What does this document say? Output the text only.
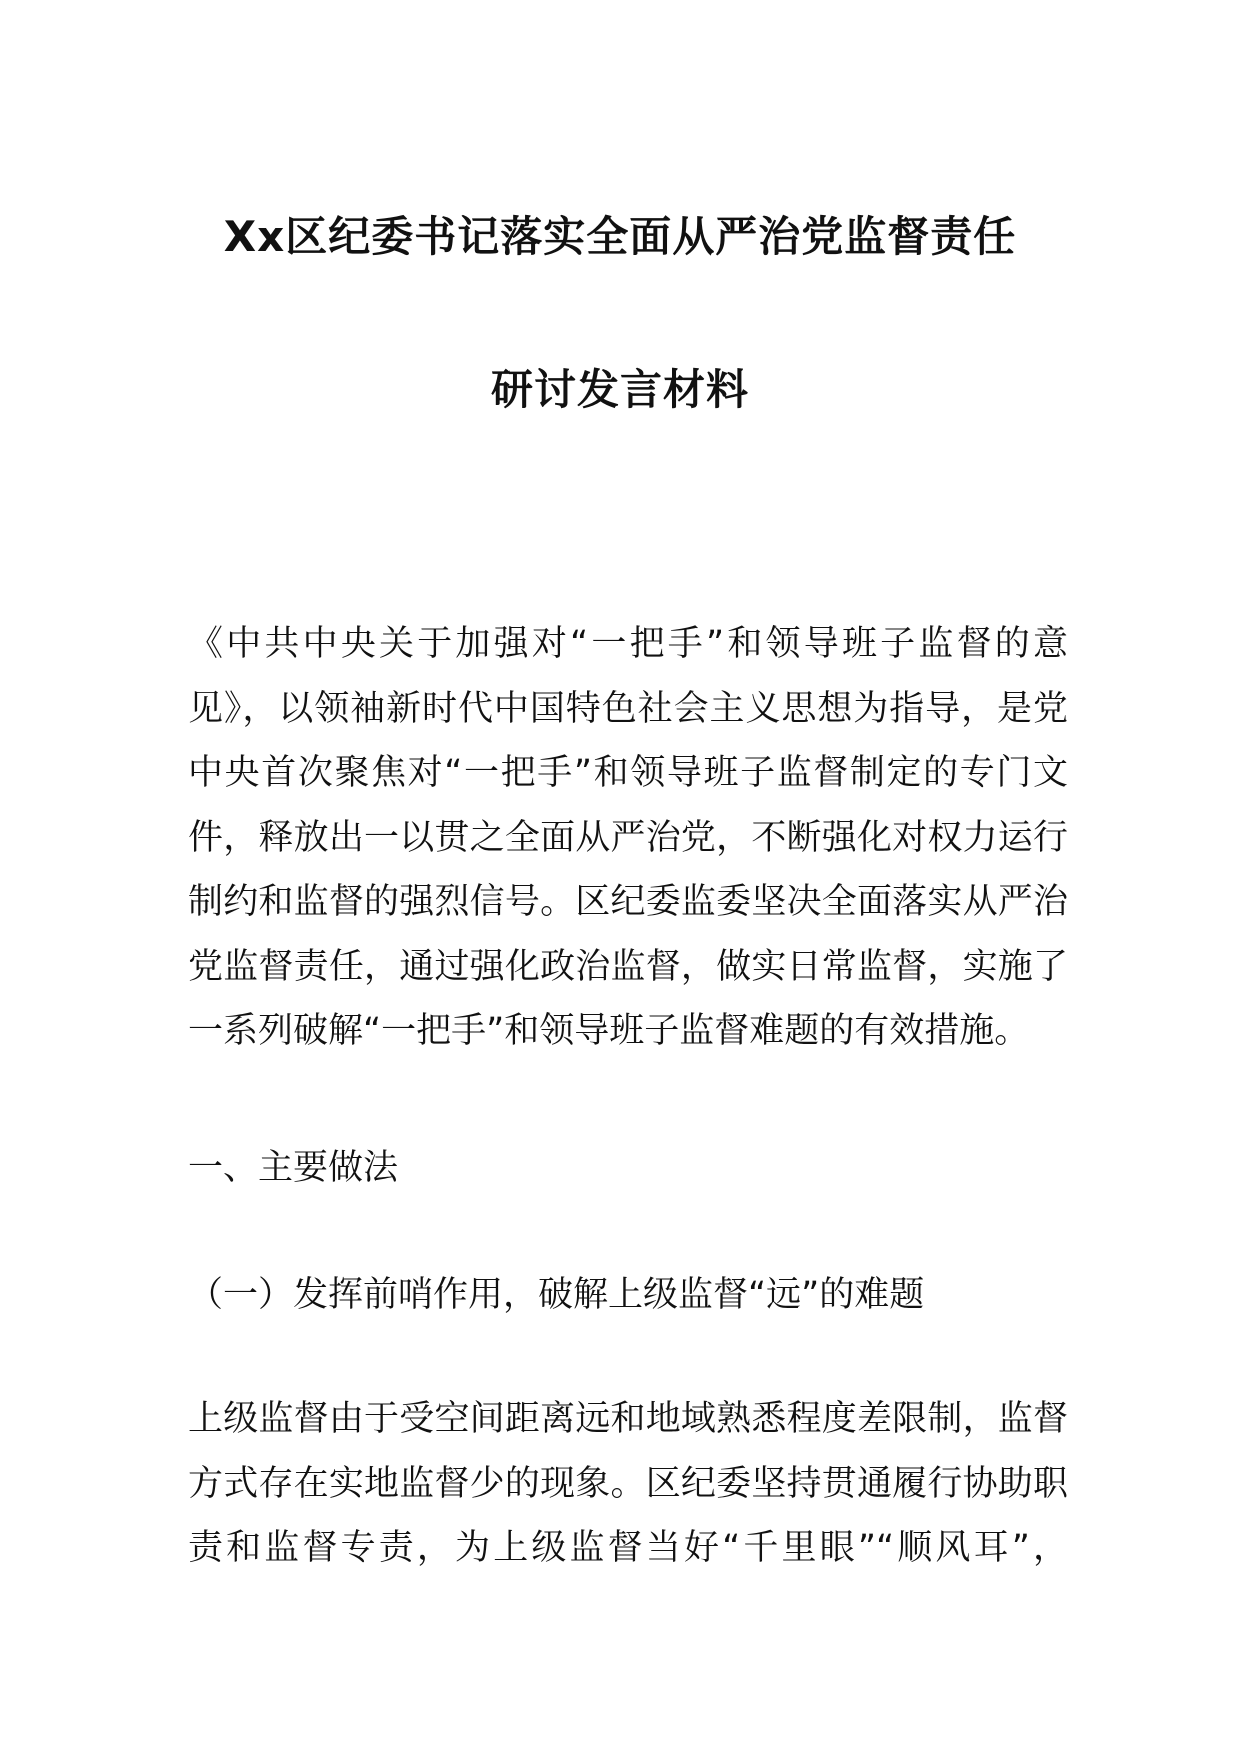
Xx区纪委书记落实全面从严治党监督责任
研讨发言材料
《中共中央关于加强对“一把手”和领导班子监督的意
见》，以领袖新时代中国特色社会主义思想为指导，是党
中央首次聚焦对“一把手”和领导班子监督制定的专门文
件，释放出一以贯之全面从严治党，不断强化对权力运行
制约和监督的强烈信号。区纪委监委坚决全面落实从严治
党监督责任，通过强化政治监督，做实日常监督，实施了
一系列破解“一把手”和领导班子监督难题的有效措施。
一、主要做法
（一）发挥前哨作用，破解上级监督“远”的难题
上级监督由于受空间距离远和地域熟悉程度差限制，监督
方式存在实地监督少的现象。区纪委坚持贯通履行协助职
责和监督专责，为上级监督当好“千里眼”“顺风耳”，
